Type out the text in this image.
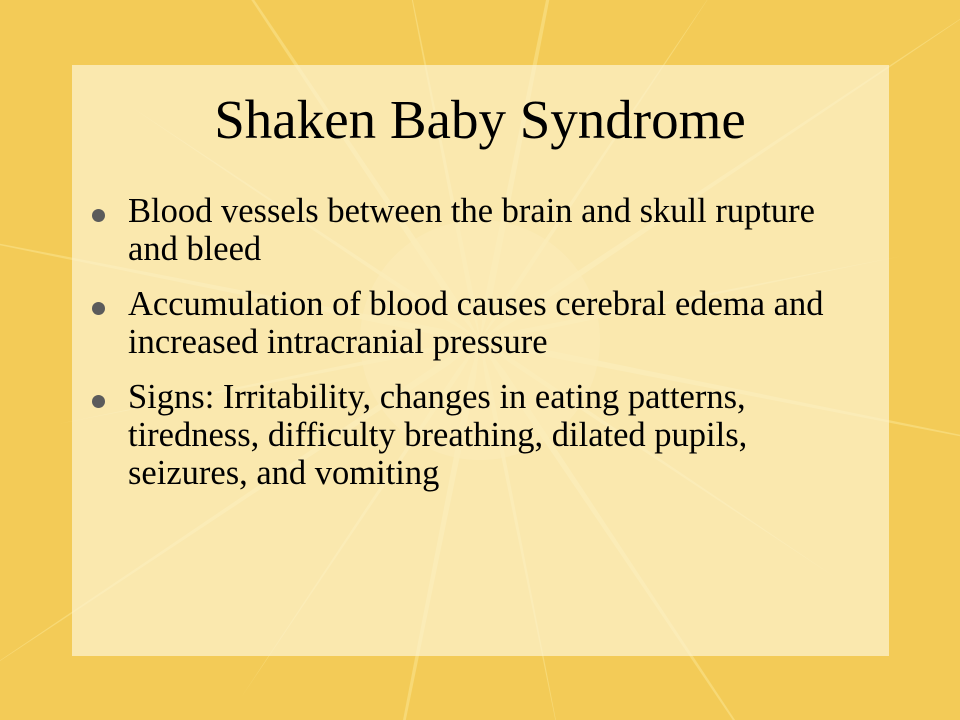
Shaken Baby Syndrome
Blood vessels between the brain and skull rupture and bleed
Accumulation of blood causes cerebral edema and increased intracranial pressure
Signs: Irritability, changes in eating patterns, tiredness, difficulty breathing, dilated pupils, seizures, and vomiting
